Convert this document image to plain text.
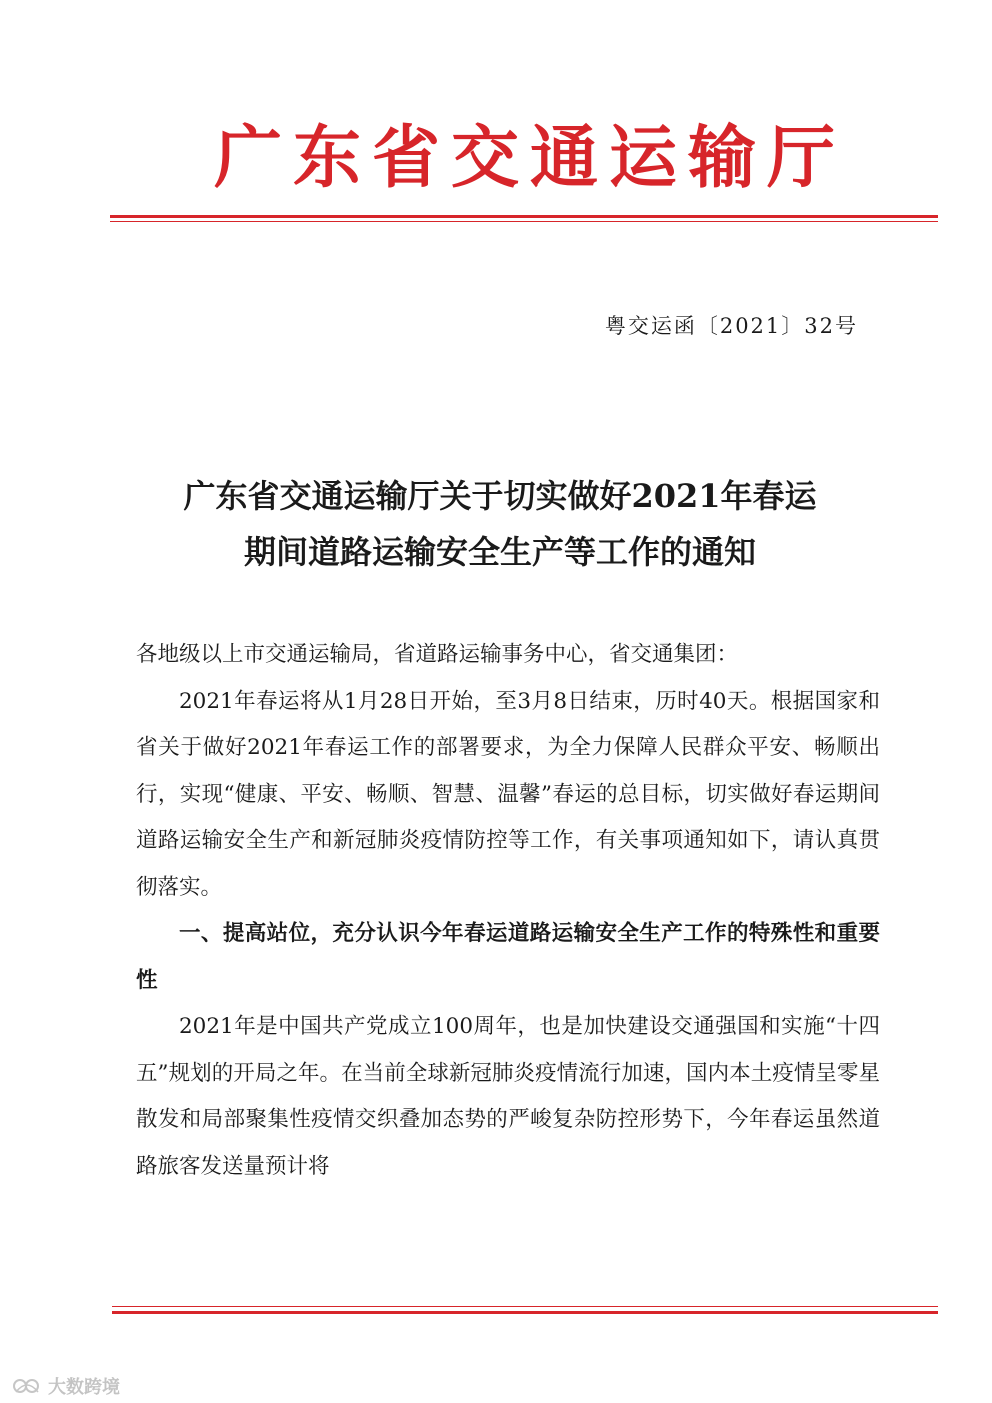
广东省交通运输厅
粤交运函〔2021〕32号
广东省交通运输厅关于切实做好2021年春运
期间道路运输安全生产等工作的通知

各地级以上市交通运输局，省道路运输事务中心，省交通集团：

2021年春运将从1月28日开始，至3月8日结束，历时40天。根据国家和省关于做好2021年春运工作的部署要求，为全力保障人民群众平安、畅顺出行，实现“健康、平安、畅顺、智慧、温馨”春运的总目标，切实做好春运期间道路运输安全生产和新冠肺炎疫情防控等工作，有关事项通知如下，请认真贯彻落实。

一、提高站位，充分认识今年春运道路运输安全生产工作的特殊性和重要性

2021年是中国共产党成立100周年，也是加快建设交通强国和实施“十四五”规划的开局之年。在当前全球新冠肺炎疫情流行加速，国内本土疫情呈零星散发和局部聚集性疫情交织叠加态势的严峻复杂防控形势下，今年春运虽然道路旅客发送量预计将

大数跨境
